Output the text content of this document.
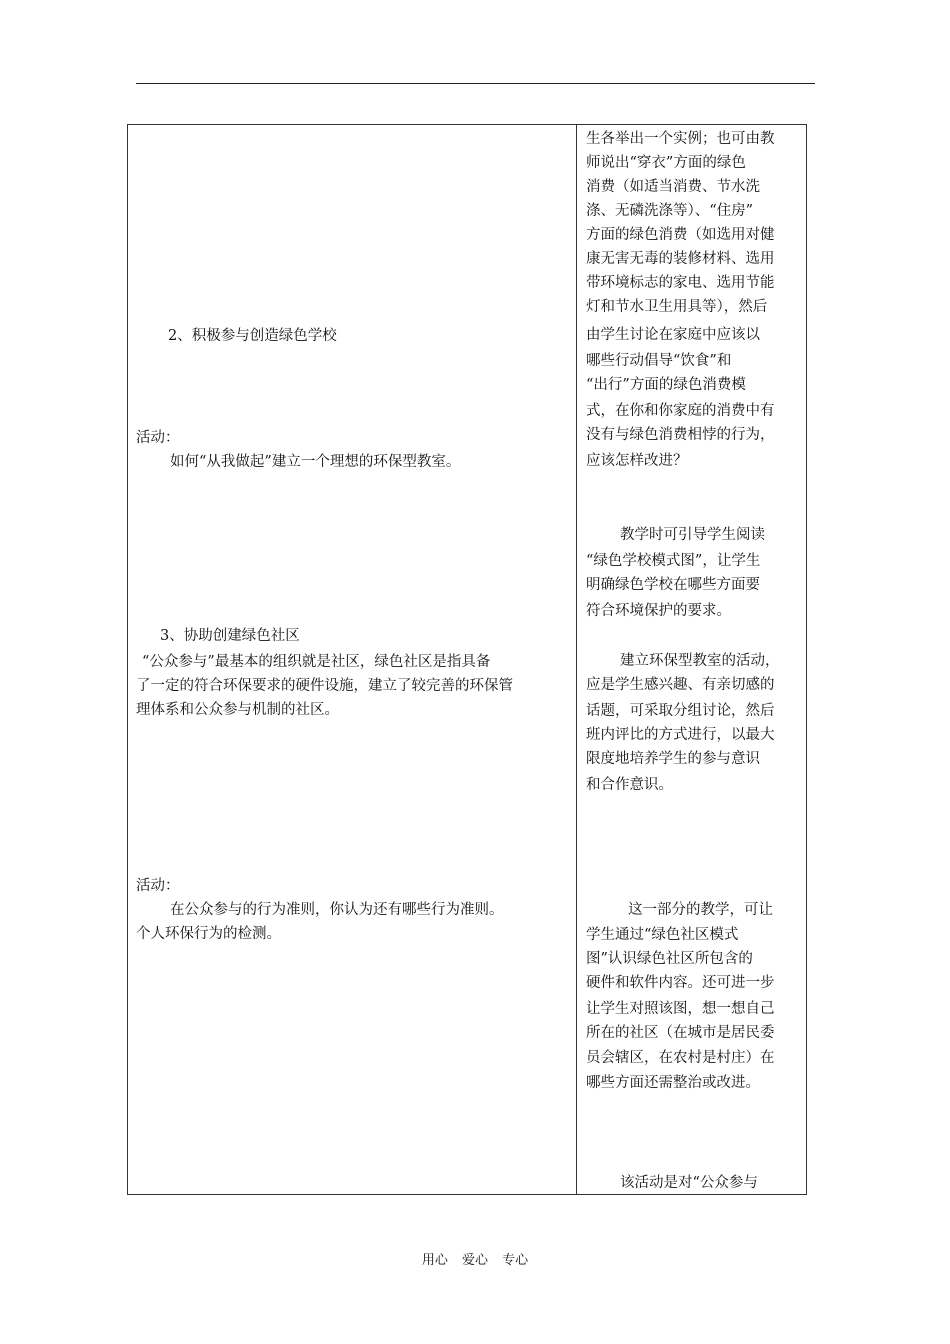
2、积极参与创造绿色学校
活动：
如何“从我做起”建立一个理想的环保型教室。
3、协助创建绿色社区
“公众参与”最基本的组织就是社区，绿色社区是指具备
了一定的符合环保要求的硬件设施，建立了较完善的环保管
理体系和公众参与机制的社区。
活动：
在公众参与的行为准则，你认为还有哪些行为准则。
个人环保行为的检测。
生各举出一个实例；也可由教
师说出“穿衣”方面的绿色
消费（如适当消费、节水洗
涤、无磷洗涤等）、“住房”
方面的绿色消费（如选用对健
康无害无毒的装修材料、选用
带环境标志的家电、选用节能
灯和节水卫生用具等），然后
由学生讨论在家庭中应该以
哪些行动倡导“饮食”和
“出行”方面的绿色消费模
式，在你和你家庭的消费中有
没有与绿色消费相悖的行为，
应该怎样改进？
教学时可引导学生阅读
“绿色学校模式图”，让学生
明确绿色学校在哪些方面要
符合环境保护的要求。
建立环保型教室的活动，
应是学生感兴趣、有亲切感的
话题，可采取分组讨论，然后
班内评比的方式进行，以最大
限度地培养学生的参与意识
和合作意识。
这一部分的教学，可让
学生通过“绿色社区模式
图”认识绿色社区所包含的
硬件和软件内容。还可进一步
让学生对照该图，想一想自己
所在的社区（在城市是居民委
员会辖区，在农村是村庄）在
哪些方面还需整治或改进。
该活动是对“公众参与
用心 爱心 专心
